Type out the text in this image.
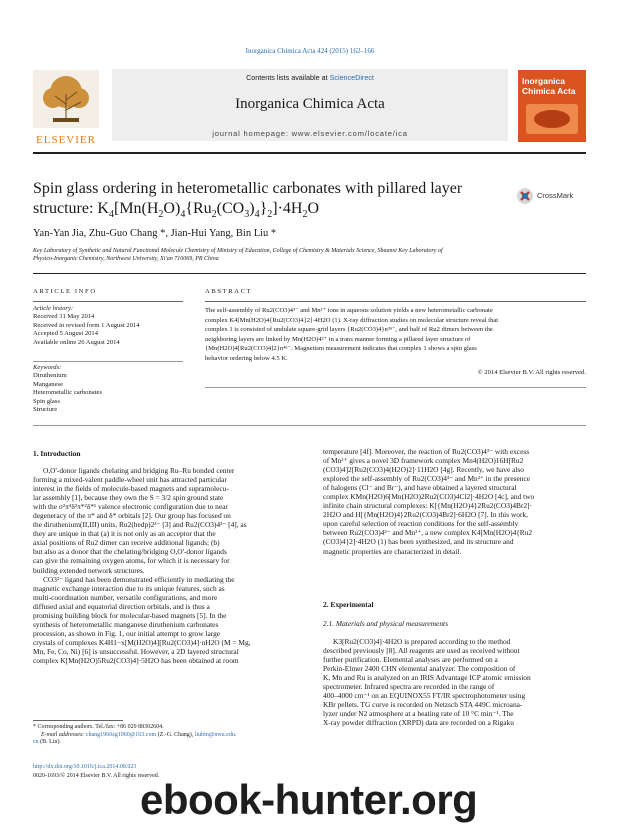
Inorganica Chimica Acta 424 (2015) 162–166
ELSEVIER
Contents lists available at ScienceDirect
Inorganica Chimica Acta
journal homepage: www.elsevier.com/locate/ica
Inorganica
Chimica Acta
Spin glass ordering in heterometallic carbonates with pillared layer
structure: $K_4[Mn(H_2O)_4\{Ru_2(CO_3)_4\}_2]\cdot 4H_2O$
CrossMark
Yan-Yan Jia, Zhu-Guo Chang *, Jian-Hui Yang, Bin Liu *
Key Laboratory of Synthetic and Natural Functional Molecule Chemistry of Ministry of Education, College of Chemistry & Materials Science, Shaanxi Key Laboratory of
Physico-Inorganic Chemistry, Northwest University, Xi'an 710069, PR China
ARTICLE INFO
Article history:
Received 31 May 2014
Received in revised form 1 August 2014
Accepted 5 August 2014
Available online 26 August 2014
Keywords:
Diruthenium
Manganese
Heterometallic carbonates
Spin glass
Structure
ABSTRACT
The self-assembly of Ru2(CO3)4³⁻ and Mn²⁺ ions in aqueous solution yields a new heterometallic carbonate
complex K4[Mn(H2O)4{Ru2(CO3)4}2]·4H2O (1). X-ray diffraction studies on molecular structure reveal that
complex 1 is consisted of undulate square-grid layers {Ru2(CO3)4}n³ⁿ⁻, and half of Ru2 dimers between the
neighboring layers are linked by Mn(H2O)4²⁺ in a trans manner forming a pillared layer structure of
{Mn(H2O)4[Ru2(CO3)4]2}n⁴ⁿ⁻. Magnetism measurement indicates that complex 1 shows a spin glass
behavior ordering below 4.5 K.
© 2014 Elsevier B.V. All rights reserved.
1. Introduction
O,O'-donor ligands chelating and bridging Ru–Ru bonded center
forming a mixed-valent paddle-wheel unit has attracted particular
interest in the fields of molecule-based magnets and supramolecu-
lar assembly [1], because they own the S = 3/2 spin ground state
with the σ²π⁴δ²π*²δ*¹ valence electronic configuration due to near
degeneracy of the π* and δ* orbitals [2]. Our group has focused on
the diruthenium(II,III) units, Ru2(hedp)2³⁻ [3] and Ru2(CO3)4³⁻ [4], as
they are unique in that (a) it is not only as an acceptor that the
axial positions of Ru2 dimer can receive additional ligands; (b)
but also as a donor that the chelating/bridging O,O'-donor ligands
can give the remaining oxygen atoms, for which it is necessary for
building extended network structures.
CO3²⁻ ligand has been demonstrated efficiently in mediating the
magnetic exchange interaction due to its unique features, such as
multi-coordination number, versatile configurations, and more
diffused axial and equatorial direction orbitals, and is thus a
promising building block for molecular-based magnets [5]. In the
synthesis of heterometallic manganese diruthenium carbonates
procession, as shown in Fig. 1, our initial attempt to grow large
crystals of complexes K4H1−x[M(H2O)4][Ru2(CO3)4]·nH2O (M = Mg,
Mn, Fe, Co, Ni) [6] is unsuccessful. However, a 2D layered structural
complex K[Mn(H2O)5Ru2(CO3)4]·5H2O has been obtained at room
temperature [4f]. Moreover, the reaction of Ru2(CO3)4³⁻ with excess
of Mn²⁺ gives a novel 3D framework complex Mn4(H2O)16H[Ru2
(CO3)4]2[Ru2(CO3)4(H2O)2]·11H2O [4g]. Recently, we have also
explored the self-assembly of Ru2(CO3)4³⁻ and Mn²⁺ in the presence
of halogens (Cl⁻ and Br⁻), and have obtained a layered structural
complex KMn(H2O)6[Mn(H2O)2Ru2(CO3)4Cl2]·4H2O [4c], and two
infinite chain structural complexes: K[{Mn(H2O)4}2Ru2(CO3)4Br2]·
2H2O and H[{Mn(H2O)4}2Ru2(CO3)4Br2]·6H2O [7]. In this work,
upon careful selection of reaction conditions for the self-assembly
between Ru2(CO3)4³⁻ and Mn²⁺, a new complex K4[Mn(H2O)4{Ru2
(CO3)4}2]·4H2O (1) has been synthesized, and its structure and
magnetic properties are characterized in detail.
2. Experimental
2.1. Materials and physical measurements
K3[Ru2(CO3)4]·4H2O is prepared according to the method
described previously [8]. All reagents are used as received without
further purification. Elemental analyses are performed on a
Perkin-Elmer 2400 CHN elemental analyzer. The composition of
K, Mn and Ru is analyzed on an IRIS Advantage ICP atomic emission
spectrometer. Infrared spectra are recorded in the range of
400–4000 cm⁻¹ on an EQUINOX55 FT/IR spectrophotometer using
KBr pellets. TG curve is recorded on Netzsch STA 449C microana-
lyzer under N2 atmosphere at a heating rate of 10 °C min⁻¹. The
X-ray powder diffraction (XRPD) data are recorded on a Rigaku
* Corresponding authors. Tel./fax: +86 029 88302604.
E-mail addresses: chang1960zg1960@163.com (Z.-G. Chang), liubin@nwu.edu.
cn (B. Liu).
http://dx.doi.org/10.1016/j.ica.2014.08.023
0020-1693/© 2014 Elsevier B.V. All rights reserved.
ebook-hunter.org
